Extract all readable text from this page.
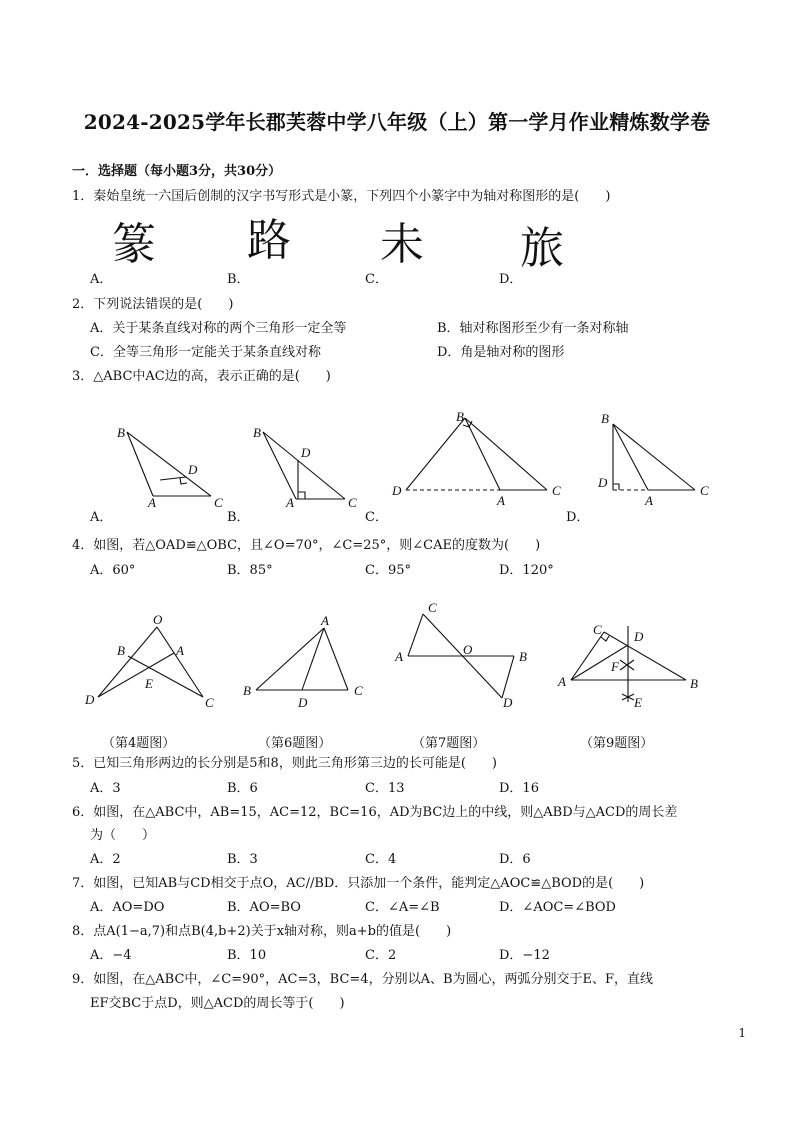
2024-2025学年长郡芙蓉中学八年级（上）第一学月作业精炼数学卷
一．选择题（每小题3分，共30分）
1．秦始皇统一六国后创制的汉字书写形式是小篆，下列四个小篆字中为轴对称图形的是(　　)
篆 路 未 旅
A．	B．	C．	D．
2．下列说法错误的是(　　)
A．关于某条直线对称的两个三角形一定全等	B．轴对称图形至少有一条对称轴
C．全等三角形一定能关于某条直线对称	D．角是轴对称的图形
3．△ABC中AC边的高，表示正确的是(　　)
B
D
A	C
B
D
A	C
B
D
A
C
B
D
A
C
O
B	A
E
D	C
A
B
D
C
C
A	O	B
D
C D
F
A	B
E
A．	B．	C．	D．
4．如图，若△OAD≌△OBC，且∠O=70°，∠C=25°，则∠CAE的度数为(　　)
A．60°	B．85°	C．95°	D．120°
（第4题图）	（第6题图）	（第7题图）	（第9题图）
5．已知三角形两边的长分别是5和8，则此三角形第三边的长可能是(　　)
A．3	B．6	C．13	D．16
6．如图，在△ABC中，AB=15，AC=12，BC=16，AD为BC边上的中线，则△ABD与△ACD的周长差
为（　　）
A．2	B．3	C．4	D．6
7．如图，已知AB与CD相交于点O，AC//BD．只添加一个条件，能判定△AOC≌△BOD的是(　　)
A．AO=DO	B．AO=BO	C．∠A=∠B	D．∠AOC=∠BOD
8．点A(1−a,7)和点B(4,b+2)关于x轴对称，则a+b的值是(　　)
A．−4	B．10	C．2	D．−12
9．如图，在△ABC中，∠C=90°，AC=3，BC=4，分别以A、B为圆心，两弧分别交于E、F，直线
EF交BC于点D，则△ACD的周长等于(　　)
1
